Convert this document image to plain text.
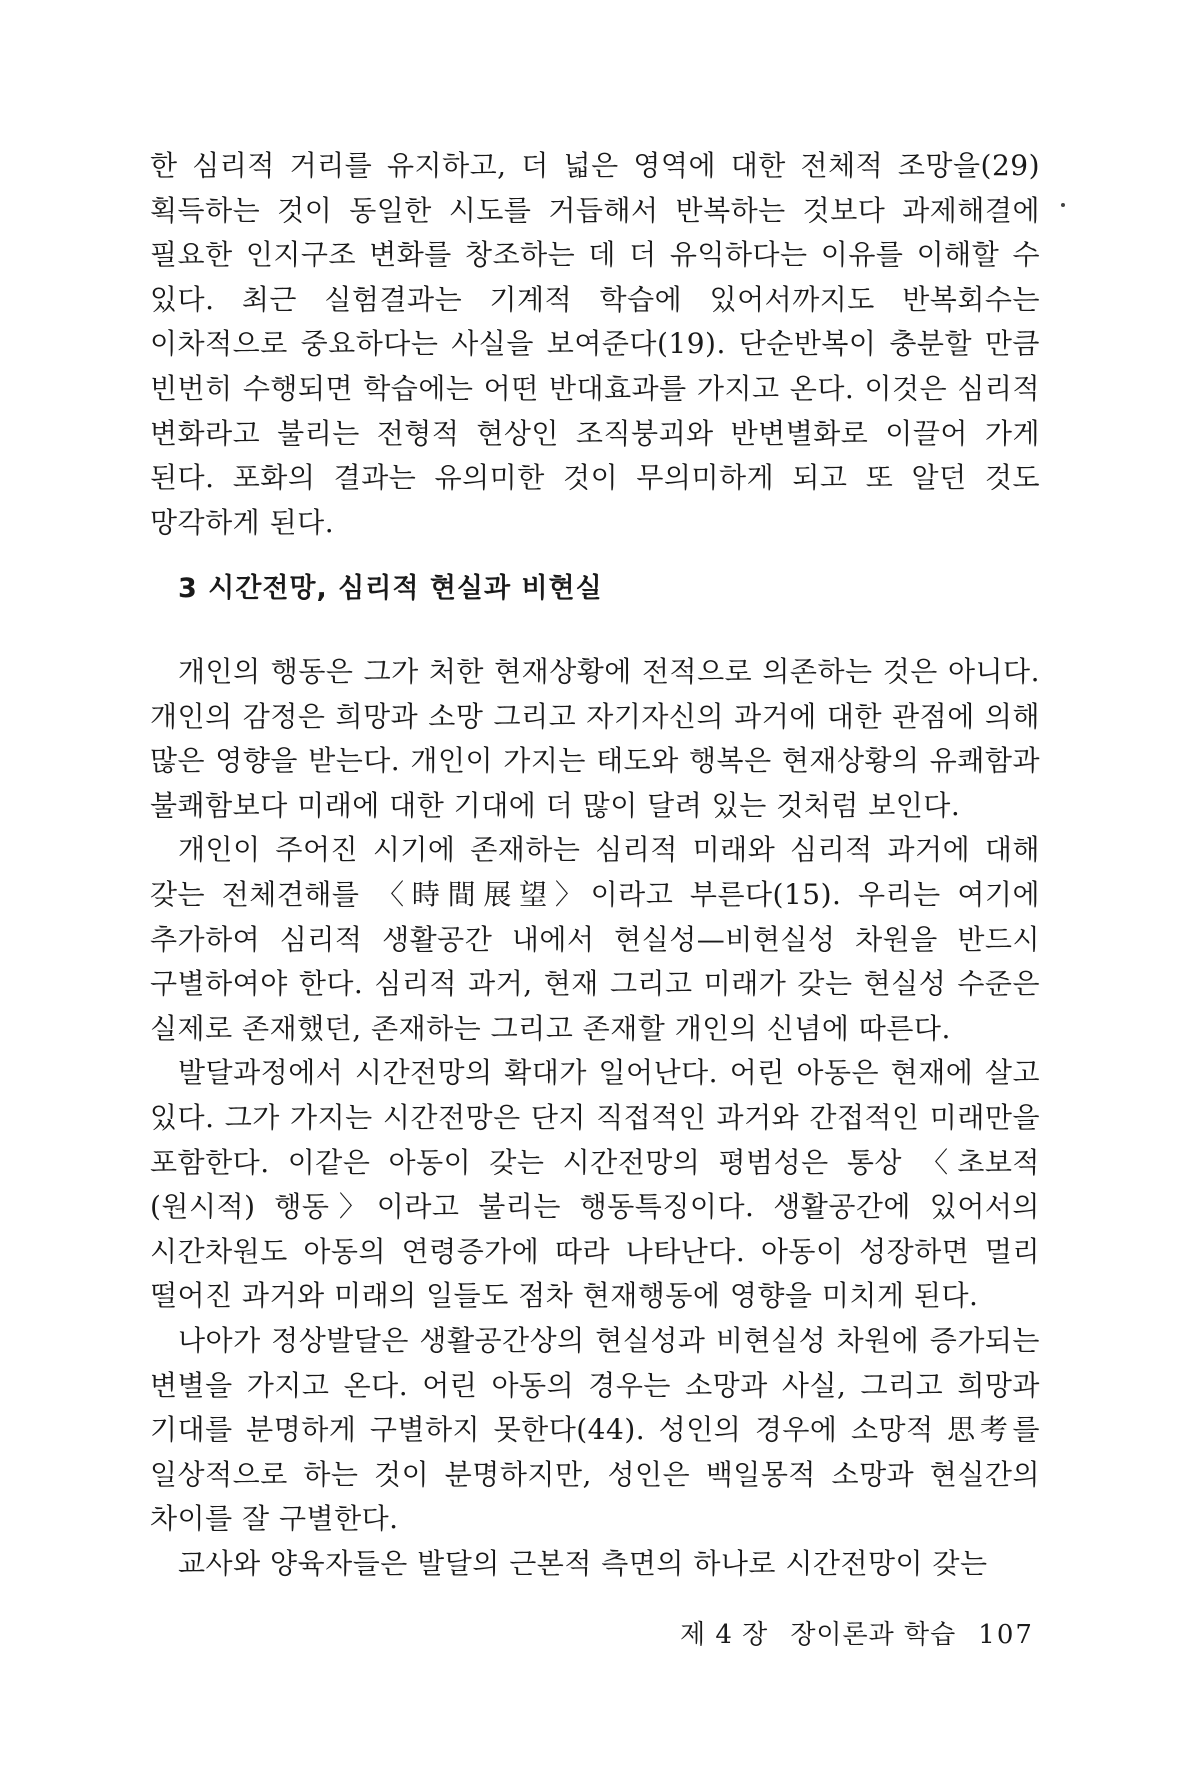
한 심리적 거리를 유지하고, 더 넓은 영역에 대한 전체적 조망을(29) 획득하는 것이 동일한 시도를 거듭해서 반복하는 것보다 과제해결에 필요한 인지구조 변화를 창조하는 데 더 유익하다는 이유를 이해할 수 있다. 최근 실험결과는 기계적 학습에 있어서까지도 반복회수는 이차적으로 중요하다는 사실을 보여준다(19). 단순반복이 충분할 만큼 빈번히 수행되면 학습에는 어떤 반대효과를 가지고 온다. 이것은 심리적 변화라고 불리는 전형적 현상인 조직붕괴와 반변별화로 이끌어 가게 된다. 포화의 결과는 유의미한 것이 무의미하게 되고 또 알던 것도 망각하게 된다.

3 시간전망, 심리적 현실과 비현실

개인의 행동은 그가 처한 현재상황에 전적으로 의존하는 것은 아니다. 개인의 감정은 희망과 소망 그리고 자기자신의 과거에 대한 관점에 의해 많은 영향을 받는다. 개인이 가지는 태도와 행복은 현재상황의 유쾌함과 불쾌함보다 미래에 대한 기대에 더 많이 달려 있는 것처럼 보인다.

개인이 주어진 시기에 존재하는 심리적 미래와 심리적 과거에 대해 갖는 전체견해를 〈時間展望〉이라고 부른다(15). 우리는 여기에 추가하여 심리적 생활공간 내에서 현실성—비현실성 차원을 반드시 구별하여야 한다. 심리적 과거, 현재 그리고 미래가 갖는 현실성 수준은 실제로 존재했던, 존재하는 그리고 존재할 개인의 신념에 따른다.

발달과정에서 시간전망의 확대가 일어난다. 어린 아동은 현재에 살고 있다. 그가 가지는 시간전망은 단지 직접적인 과거와 간접적인 미래만을 포함한다. 이같은 아동이 갖는 시간전망의 평범성은 통상 〈초보적(원시적) 행동〉이라고 불리는 행동특징이다. 생활공간에 있어서의 시간차원도 아동의 연령증가에 따라 나타난다. 아동이 성장하면 멀리 떨어진 과거와 미래의 일들도 점차 현재행동에 영향을 미치게 된다.

나아가 정상발달은 생활공간상의 현실성과 비현실성 차원에 증가되는 변별을 가지고 온다. 어린 아동의 경우는 소망과 사실, 그리고 희망과 기대를 분명하게 구별하지 못한다(44). 성인의 경우에 소망적 思考를 일상적으로 하는 것이 분명하지만, 성인은 백일몽적 소망과 현실간의 차이를 잘 구별한다.

교사와 양육자들은 발달의 근본적 측면의 하나로 시간전망이 갖는

제 4 장 장이론과 학습 107
